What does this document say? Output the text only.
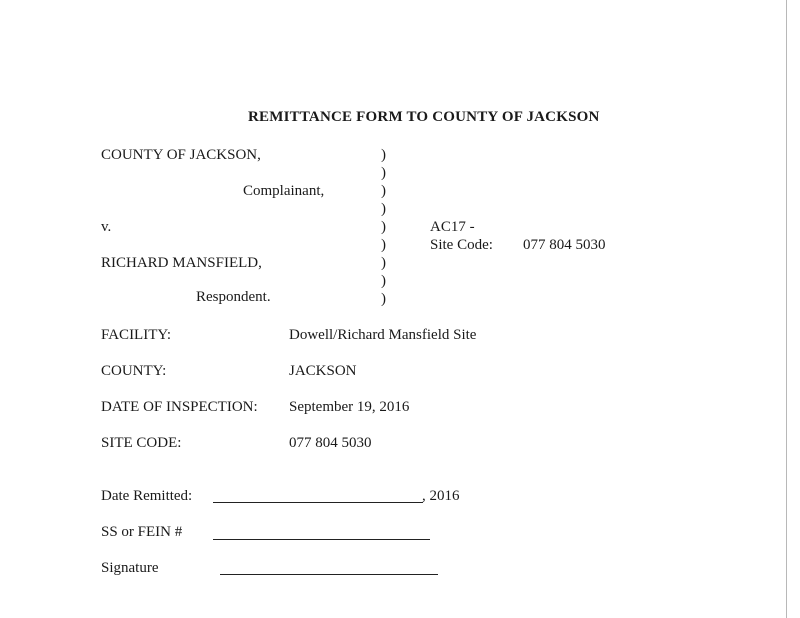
REMITTANCE FORM TO COUNTY OF JACKSON
COUNTY OF JACKSON,
Complainant,
v.
RICHARD MANSFIELD,
Respondent.
)
)
)
)
)
)
)
)
)
AC17 -
Site Code: 077 804 5030
FACILITY:	Dowell/Richard Mansfield Site
COUNTY:	JACKSON
DATE OF INSPECTION: September 19, 2016
SITE CODE:	077 804 5030
Date Remitted:	, 2016
SS or FEIN #
Signature
